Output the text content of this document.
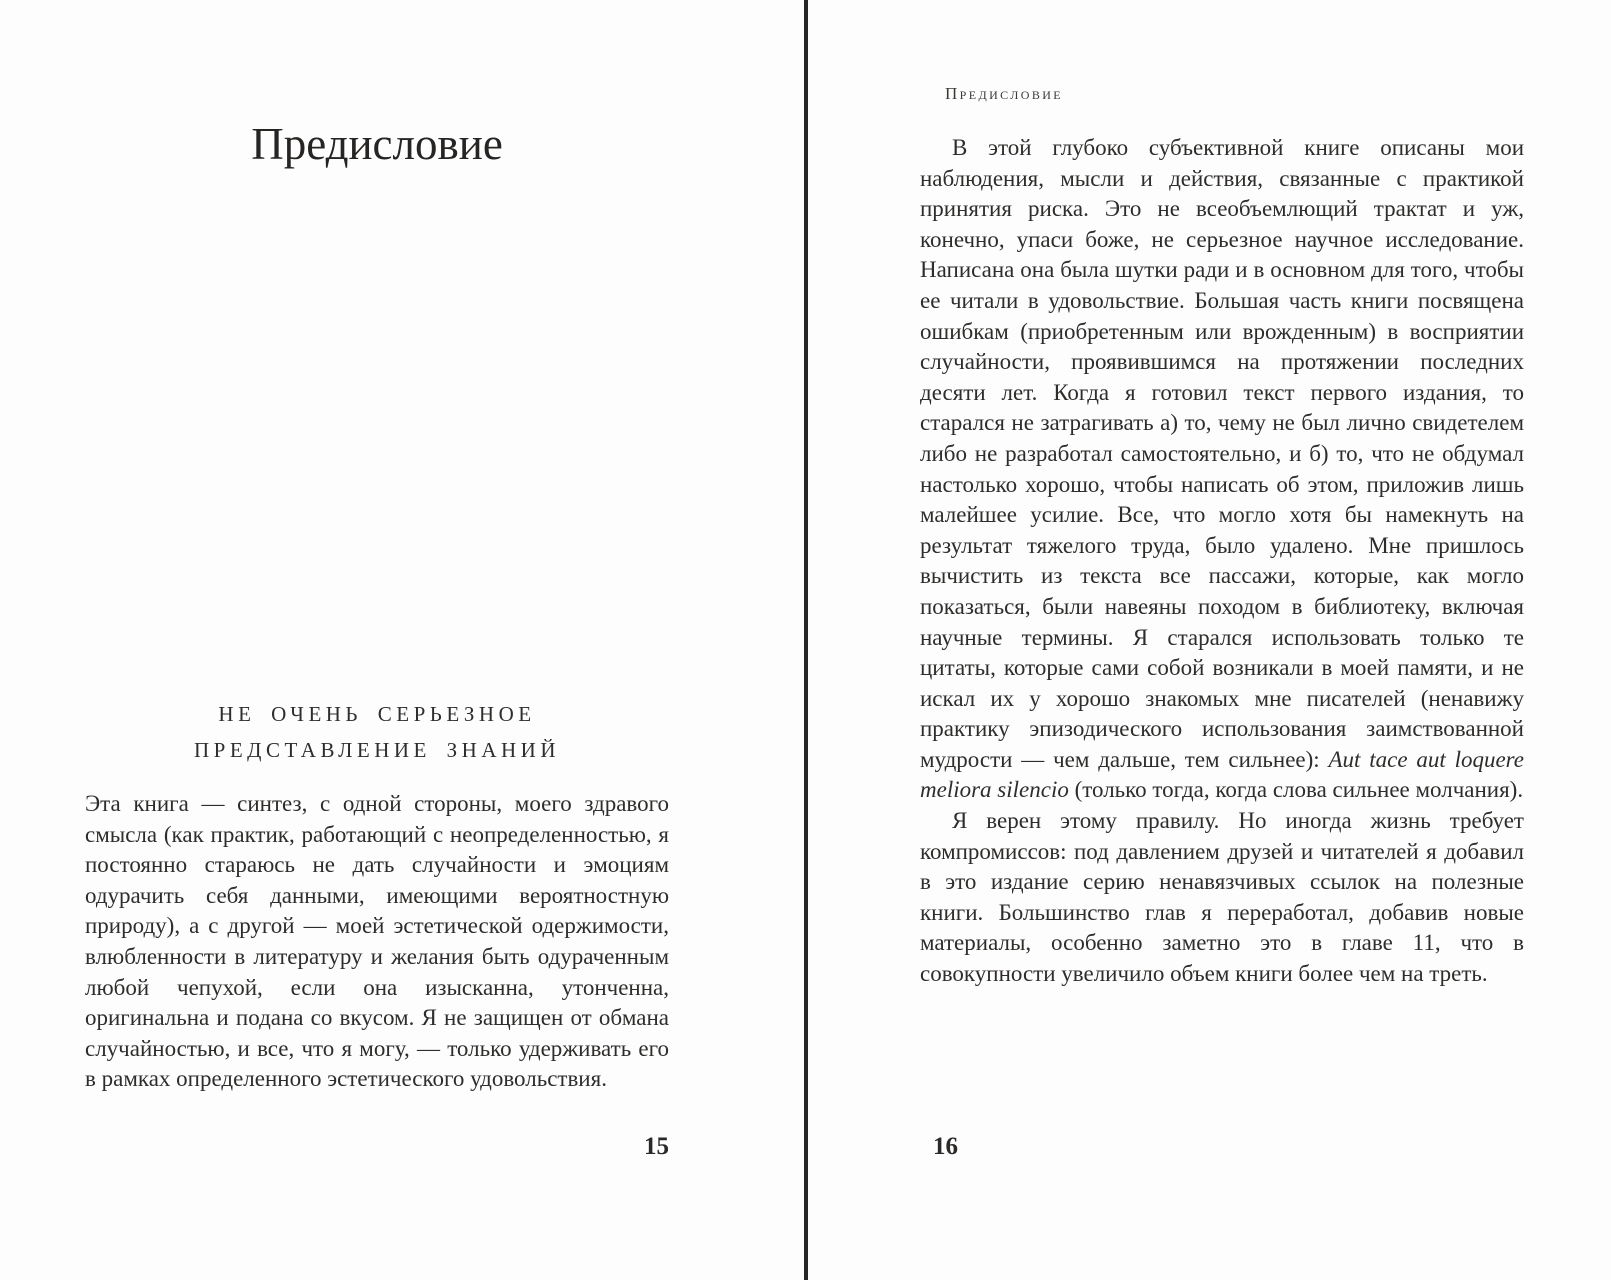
Предисловие
НЕ ОЧЕНЬ СЕРЬЕЗНОЕ
ПРЕДСТАВЛЕНИЕ ЗНАНИЙ

Эта книга — синтез, с одной стороны, моего здравого смысла (как практик, работающий с неопределенностью, я постоянно стараюсь не дать случайности и эмоциям одурачить себя данными, имеющими вероятностную природу), а с другой — моей эстетической одержимости, влюбленности в литературу и желания быть одураченным любой чепухой, если она изысканна, утонченна, оригинальна и подана со вкусом. Я не защищен от обмана случайностью, и все, что я могу, — только удерживать его в рамках определенного эстетического удовольствия.

15
Предисловие

В этой глубоко субъективной книге описаны мои наблюдения, мысли и действия, связанные с практикой принятия риска. Это не всеобъемлющий трактат и уж, конечно, упаси боже, не серьезное научное исследование. Написана она была шутки ради и в основном для того, чтобы ее читали в удовольствие. Большая часть книги посвящена ошибкам (приобретенным или врожденным) в восприятии случайности, проявившимся на протяжении последних десяти лет. Когда я готовил текст первого издания, то старался не затрагивать а) то, чему не был лично свидетелем либо не разработал самостоятельно, и б) то, что не обдумал настолько хорошо, чтобы написать об этом, приложив лишь малейшее усилие. Все, что могло хотя бы намекнуть на результат тяжелого труда, было удалено. Мне пришлось вычистить из текста все пассажи, которые, как могло показаться, были навеяны походом в библиотеку, включая научные термины. Я старался использовать только те цитаты, которые сами собой возникали в моей памяти, и не искал их у хорошо знакомых мне писателей (ненавижу практику эпизодического использования заимствованной мудрости — чем дальше, тем сильнее): Aut tace aut loquere meliora silencio (только тогда, когда слова сильнее молчания).

Я верен этому правилу. Но иногда жизнь требует компромиссов: под давлением друзей и читателей я добавил в это издание серию ненавязчивых ссылок на полезные книги. Большинство глав я переработал, добавив новые материалы, особенно заметно это в главе 11, что в совокупности увеличило объем книги более чем на треть.

16
